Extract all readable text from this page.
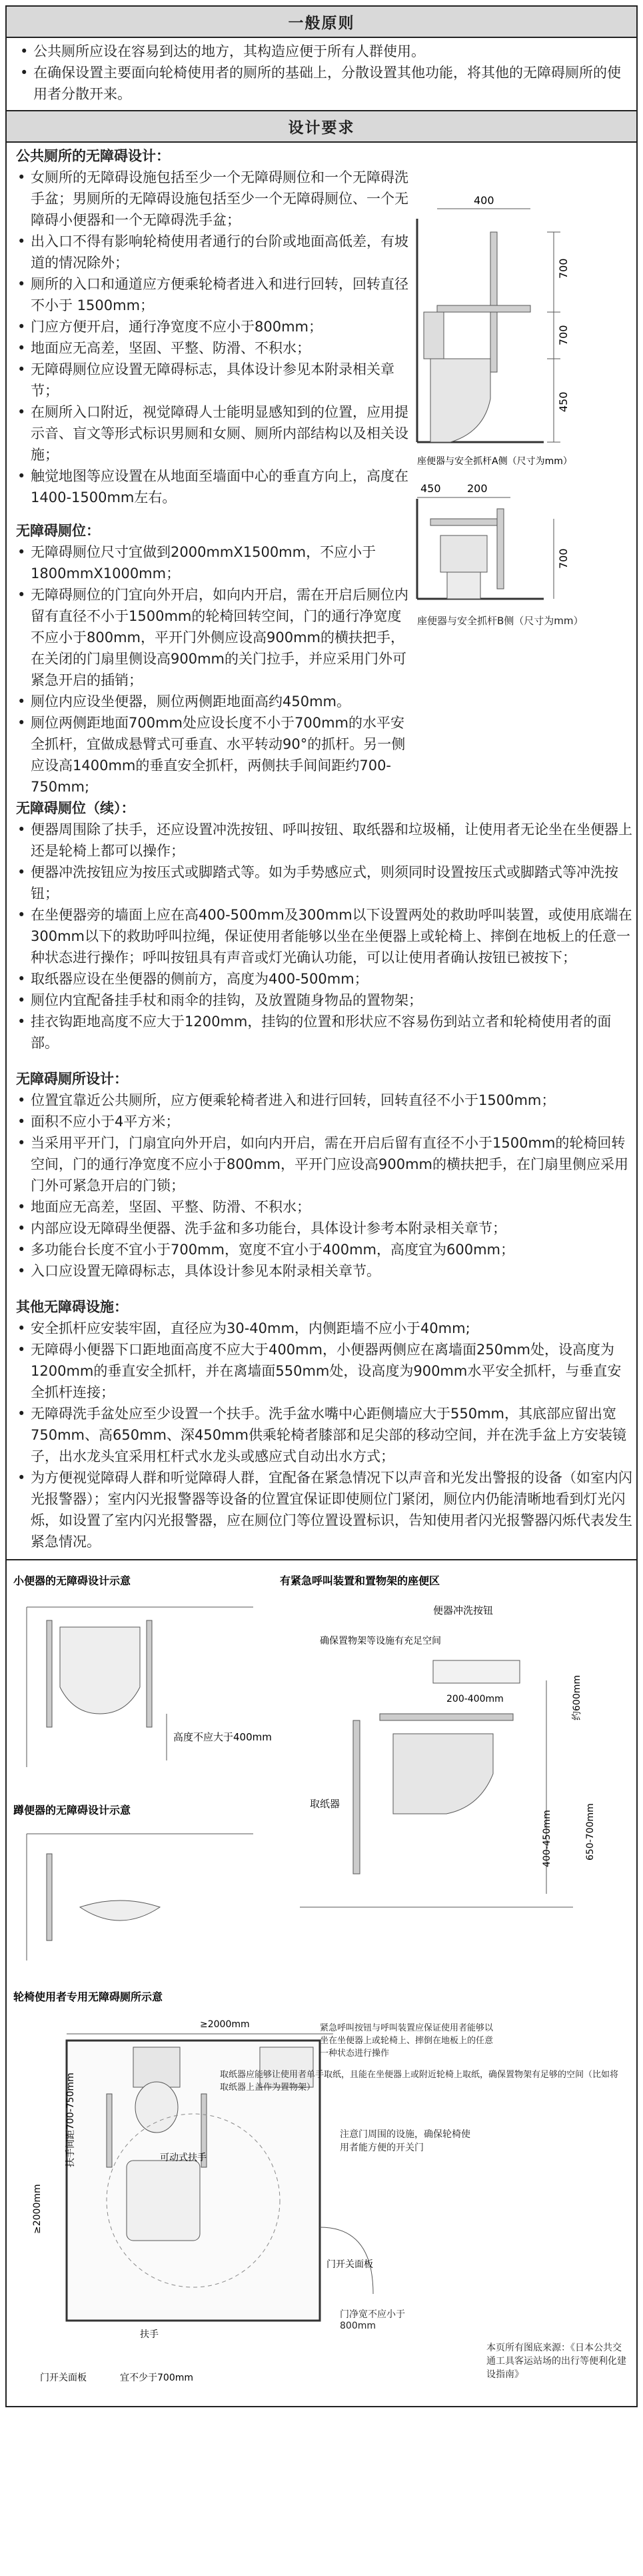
一般原则
• 公共厕所应设在容易到达的地方，其构造应便于所有人群使用。
• 在确保设置主要面向轮椅使用者的厕所的基础上，分散设置其他功能，将其他的无障碍厕所的使用者分散开来。
设计要求
公共厕所的无障碍设计：
• 女厕所的无障碍设施包括至少一个无障碍厕位和一个无障碍洗手盆；男厕所的无障碍设施包括至少一个无障碍厕位、一个无障碍小便器和一个无障碍洗手盆；
• 出入口不得有影响轮椅使用者通行的台阶或地面高低差，有坡道的情况除外；
• 厕所的入口和通道应方便乘轮椅者进入和进行回转，回转直径不小于 1500mm；
• 门应方便开启，通行净宽度不应小于800mm；
• 地面应无高差，坚固、平整、防滑、不积水；
• 无障碍厕位应设置无障碍标志，具体设计参见本附录相关章节；
• 在厕所入口附近，视觉障碍人士能明显感知到的位置，应用提示音、盲文等形式标识男厕和女厕、厕所内部结构以及相关设施；
• 触觉地图等应设置在从地面至墙面中心的垂直方向上，高度在1400-1500mm左右。
无障碍厕位：
• 无障碍厕位尺寸宜做到2000mmX1500mm，不应小于 1800mmX1000mm；
• 无障碍厕位的门宜向外开启，如向内开启，需在开启后厕位内留有直径不小于1500mm的轮椅回转空间，门的通行净宽度不应小于800mm，平开门外侧应设高900mm的横扶把手，在关闭的门扇里侧设高900mm的关门拉手，并应采用门外可紧急开启的插销；
• 厕位内应设坐便器，厕位两侧距地面高约450mm。
• 厕位两侧距地面700mm处应设长度不小于700mm的水平安全抓杆，宜做成悬臂式可垂直、水平转动90°的抓杆。另一侧应设高1400mm的垂直安全抓杆，两侧扶手间间距约700-750mm;
400
700
700
450
座便器与安全抓杆A侧（尺寸为mm）
450 200
700
座便器与安全抓杆B侧（尺寸为mm）
无障碍厕位（续）：
• 便器周围除了扶手，还应设置冲洗按钮、呼叫按钮、取纸器和垃圾桶，让使用者无论坐在坐便器上还是轮椅上都可以操作；
• 便器冲洗按钮应为按压式或脚踏式等。如为手势感应式，则须同时设置按压式或脚踏式等冲洗按钮；
• 在坐便器旁的墙面上应在高400-500mm及300mm以下设置两处的救助呼叫装置，或使用底端在300mm以下的救助呼叫拉绳，保证使用者能够以坐在坐便器上或轮椅上、摔倒在地板上的任意一种状态进行操作；呼叫按钮具有声音或灯光确认功能，可以让使用者确认按钮已被按下；
• 取纸器应设在坐便器的侧前方，高度为400-500mm；
• 厕位内宜配备挂手杖和雨伞的挂钩，及放置随身物品的置物架；
• 挂衣钩距地高度不应大于1200mm，挂钩的位置和形状应不容易伤到站立者和轮椅使用者的面部。
无障碍厕所设计：
• 位置宜靠近公共厕所，应方便乘轮椅者进入和进行回转，回转直径不小于1500mm；
• 面积不应小于4平方米；
• 当采用平开门，门扇宜向外开启，如向内开启，需在开启后留有直径不小于1500mm的轮椅回转空间，门的通行净宽度不应小于800mm，平开门应设高900mm的横扶把手，在门扇里侧应采用门外可紧急开启的门锁；
• 地面应无高差，坚固、平整、防滑、不积水；
• 内部应设无障碍坐便器、洗手盆和多功能台，具体设计参考本附录相关章节；
• 多功能台长度不宜小于700mm，宽度不宜小于400mm，高度宜为600mm；
• 入口应设置无障碍标志，具体设计参见本附录相关章节。
其他无障碍设施：
• 安全抓杆应安装牢固，直径应为30-40mm，内侧距墙不应小于40mm;
• 无障碍小便器下口距地面高度不应大于400mm，小便器两侧应在离墙面250mm处，设高度为1200mm的垂直安全抓杆，并在离墙面550mm处，设高度为900mm水平安全抓杆，与垂直安全抓杆连接；
• 无障碍洗手盆处应至少设置一个扶手。洗手盆水嘴中心距侧墙应大于550mm，其底部应留出宽750mm、高650mm、深450mm供乘轮椅者膝部和足尖部的移动空间，并在洗手盆上方安装镜子，出水龙头宜采用杠杆式水龙头或感应式自动出水方式；
• 为方便视觉障碍人群和听觉障碍人群，宜配备在紧急情况下以声音和光发出警报的设备（如室内闪光报警器）；室内闪光报警器等设备的位置宜保证即使厕位门紧闭，厕位内仍能清晰地看到灯光闪烁，如设置了室内闪光报警器，应在厕位门等位置设置标识，告知使用者闪光报警器闪烁代表发生紧急情况。
小便器的无障碍设计示意
高度不应大于400mm
蹲便器的无障碍设计示意
有紧急呼叫装置和置物架的座便区
便器冲洗按钮
确保置物架等设施有充足空间
200-400mm
取纸器
约600mm
400-450mm	650-700mm
轮椅使用者专用无障碍厕所示意
≥2000mm
≥2000mm
扶手间距700-750mm	可动式扶手
扶手
宜不少于700mm
门开关面板
门开关面板
紧急呼叫按钮与呼叫装置应保证使用者能够以坐在坐便器上或轮椅上、摔倒在地板上的任意一种状态进行操作
取纸器应能够让使用者单手取纸，且能在坐便器上或附近轮椅上取纸，确保置物架有足够的空间（比如将取纸器上盖作为置物架）
注意门周围的设施，确保轮椅使用者能方便的开关门
门净宽不应小于800mm
本页所有图底来源：《日本公共交通工具客运站场的出行等便利化建设指南》
